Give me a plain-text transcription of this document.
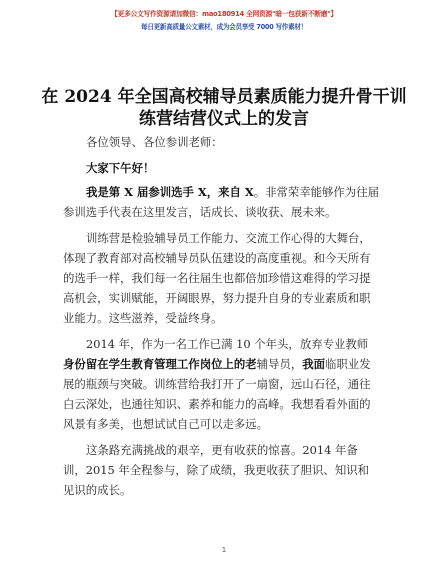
【更多公文写作资源请加微信：mao180914 全网资源"暗一包获新不断磨"】
每日更新高质量公文素材，成为会员享受 7000 写作素材！
在 2024 年全国高校辅导员素质能力提升骨干训
练营结营仪式上的发言
各位领导、各位参训老师：
大家下午好！
我是第 X 届参训选手 X，来自 X。非常荣幸能够作为往届
参训选手代表在这里发言，话成长、谈收获、展未来。
训练营是检验辅导员工作能力、交流工作心得的大舞台，
体现了教育部对高校辅导员队伍建设的高度重视。和今天所有
的选手一样，我们每一名往届生也都倍加珍惜这难得的学习提
高机会，实训赋能，开阔眼界，努力提升自身的专业素质和职
业能力。这些滋养，受益终身。
2014 年，作为一名工作已满 10 个年头，放弃专业教师
身份留在学生教育管理工作岗位上的老辅导员，我面临职业发
展的瓶颈与突破。训练营给我打开了一扇窗，远山石径，通往
白云深处，也通往知识、素养和能力的高峰。我想看看外面的
风景有多美，也想试试自己可以走多远。
这条路充满挑战的艰辛，更有收获的惊喜。2014 年备
训，2015 年全程参与，除了成绩，我更收获了胆识、知识和
见识的成长。
1
